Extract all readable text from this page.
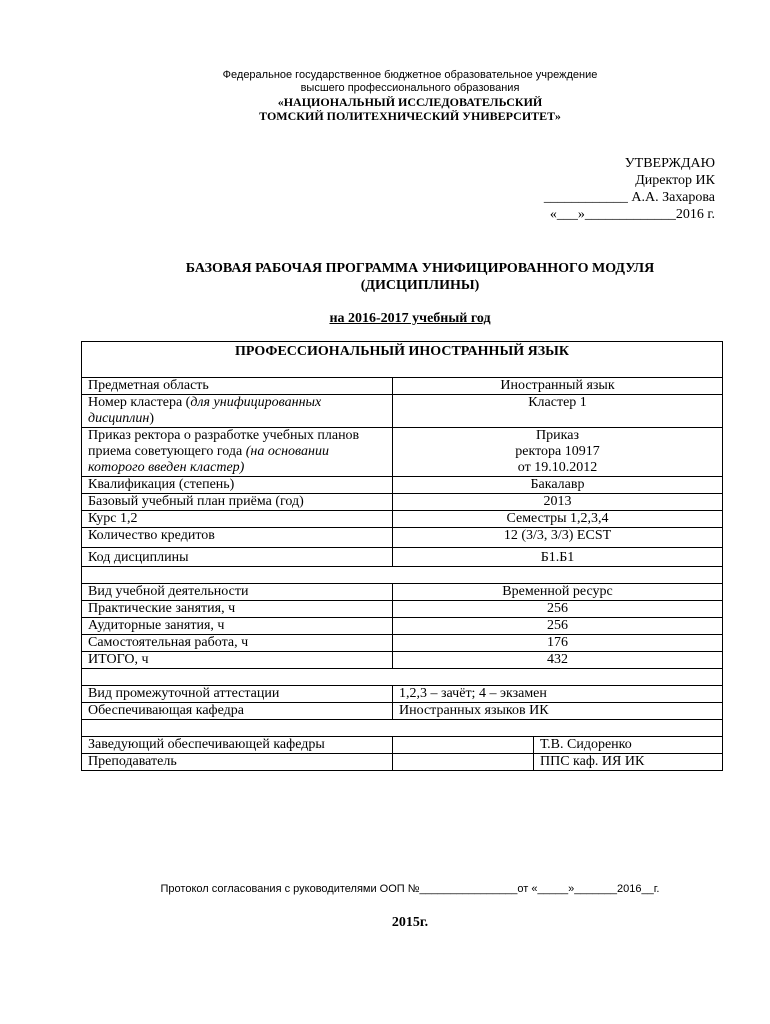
Федеральное государственное бюджетное образовательное учреждение
высшего профессионального образования
«НАЦИОНАЛЬНЫЙ ИССЛЕДОВАТЕЛЬСКИЙ
ТОМСКИЙ ПОЛИТЕХНИЧЕСКИЙ УНИВЕРСИТЕТ»
УТВЕРЖДАЮ
Директор ИК
____________ А.А. Захарова
«___»_____________2016 г.
БАЗОВАЯ РАБОЧАЯ ПРОГРАММА УНИФИЦИРОВАННОГО МОДУЛЯ
(ДИСЦИПЛИНЫ)
на 2016-2017 учебный год
ПРОФЕССИОНАЛЬНЫЙ ИНОСТРАННЫЙ ЯЗЫК		
Предметная область	Иностранный язык	
Номер кластера (для унифицированных дисциплин)	Кластер 1	
Приказ ректора о разработке учебных планов приема советующего года (на основании которого введен кластер)	Приказ
ректора 10917
от 19.10.2012	

Квалификация (степень)	Бакалавр	
Базовый учебный план приёма (год)	2013	
Курс 1,2	Семестры 1,2,3,4	
Количество кредитов	12 (3/3, 3/3) ECST	
Код дисциплины	Б1.Б1	

Вид учебной деятельности	Временной ресурс	
Практические занятия, ч	256	
Аудиторные занятия, ч	256	
Самостоятельная работа, ч	176	
ИТОГО, ч	432	

Вид промежуточной аттестации	1,2,3 – зачёт; 4 – экзамен	
Обеспечивающая кафедра	Иностранных языков ИК	

Заведующий обеспечивающей кафедры		Т.В. Сидоренко
Преподаватель		ППС каф. ИЯ ИК
Протокол согласования с руководителями ООП №________________от «_____»_______2016__г.
2015г.
